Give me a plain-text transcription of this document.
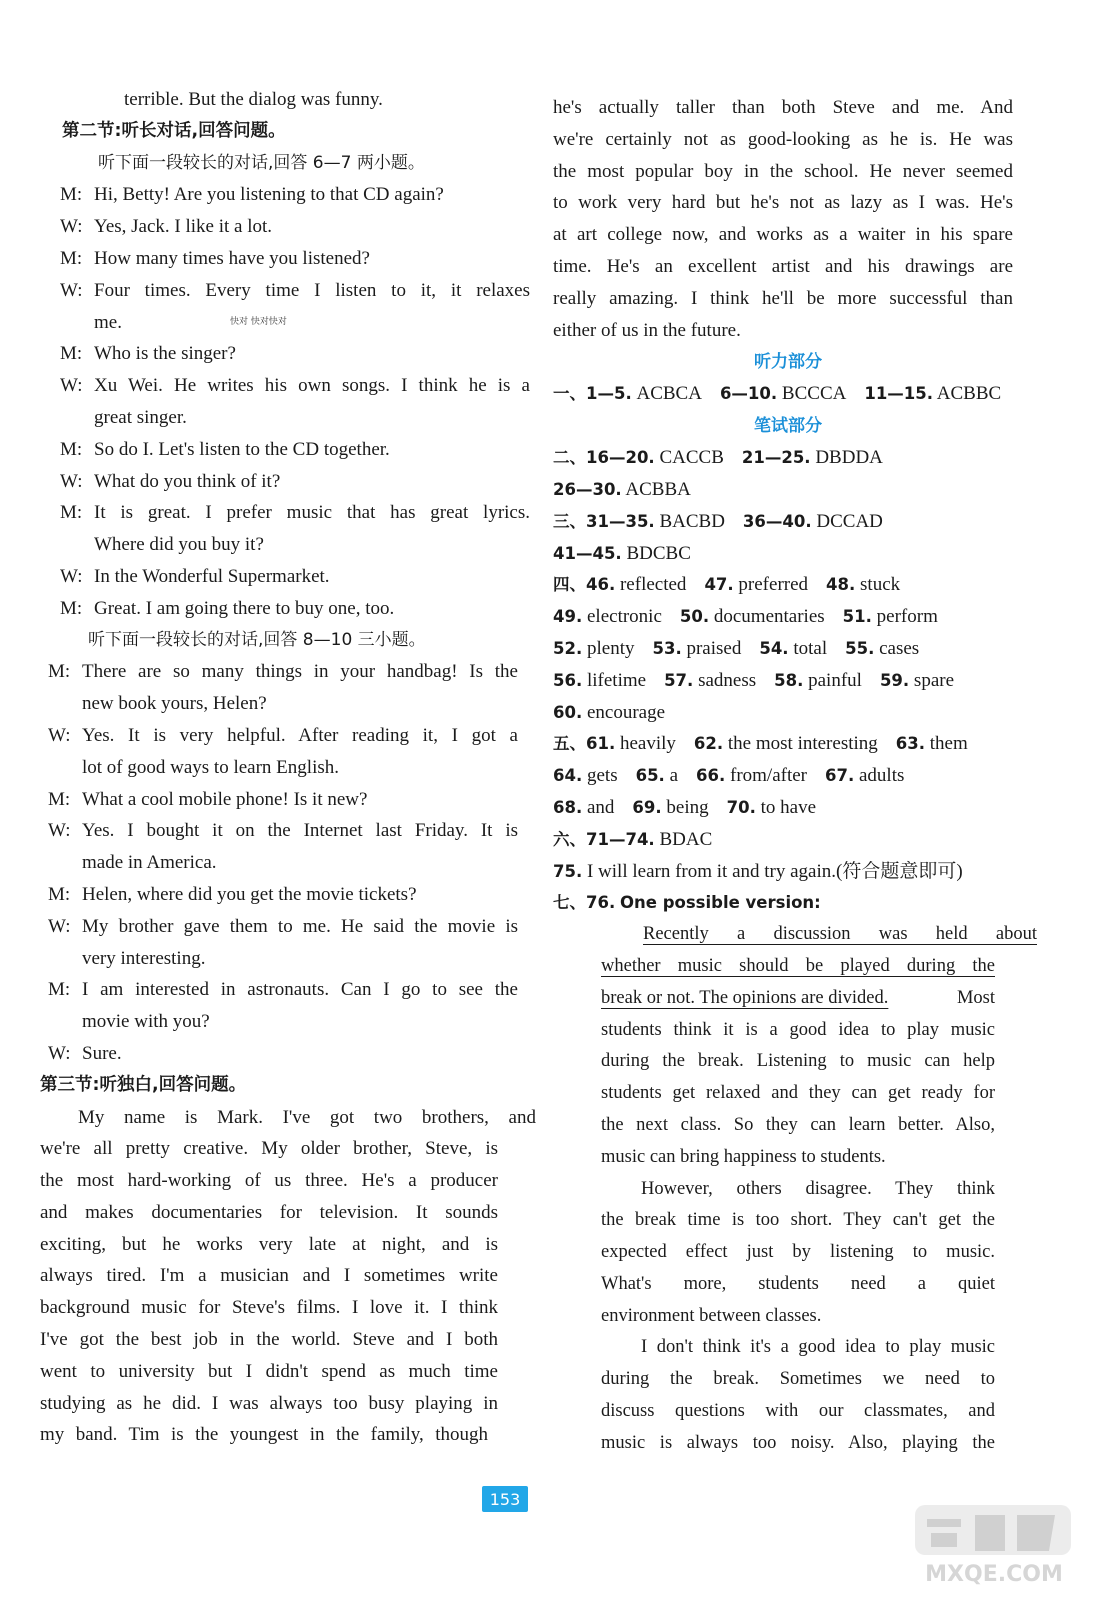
terrible. But the dialog was funny.
第二节:听长对话,回答问题。
听下面一段较长的对话,回答 6—7 两小题。
M: Hi, Betty! Are you listening to that CD again?
W: Yes, Jack. I like it a lot.
M: How many times have you listened?
W: Four times. Every time I listen to it, it relaxes
me.
M: Who is the singer?
W: Xu Wei. He writes his own songs. I think he is a
great singer.
M: So do I. Let's listen to the CD together.
W: What do you think of it?
M: It is great. I prefer music that has great lyrics.
Where did you buy it?
W: In the Wonderful Supermarket.
M: Great. I am going there to buy one, too.
听下面一段较长的对话,回答 8—10 三小题。
M: There are so many things in your handbag! Is the
new book yours, Helen?
W: Yes. It is very helpful. After reading it, I got a
lot of good ways to learn English.
M: What a cool mobile phone! Is it new?
W: Yes. I bought it on the Internet last Friday. It is
made in America.
M: Helen, where did you get the movie tickets?
W: My brother gave them to me. He said the movie is
very interesting.
M: I am interested in astronauts. Can I go to see the
movie with you?
W: Sure.
第三节:听独白,回答问题。
My name is Mark. I've got two brothers, and
we're all pretty creative. My older brother, Steve, is
the most hard-working of us three. He's a producer
and makes documentaries for television. It sounds
exciting, but he works very late at night, and is
always tired. I'm a musician and I sometimes write
background music for Steve's films. I love it. I think
I've got the best job in the world. Steve and I both
went to university but I didn't spend as much time
studying as he did. I was always too busy playing in
my band. Tim is the youngest in the family, though
快对 快对快对
he's actually taller than both Steve and me. And
we're certainly not as good-looking as he is. He was
the most popular boy in the school. He never seemed
to work very hard but he's not as lazy as I was. He's
at art college now, and works as a waiter in his spare
time. He's an excellent artist and his drawings are
really amazing. I think he'll be more successful than
either of us in the future.
听力部分
一、1—5. ACBCA 6—10. BCCCA 11—15. ACBBC
笔试部分
二、16—20. CACCB 21—25. DBDDA
26—30. ACBBA
三、31—35. BACBD 36—40. DCCAD
41—45. BDCBC
四、46. reflected 47. preferred 48. stuck
49. electronic 50. documentaries 51. perform
52. plenty 53. praised 54. total 55. cases
56. lifetime 57. sadness 58. painful 59. spare
60. encourage
五、61. heavily 62. the most interesting 63. them
64. gets 65. a 66. from/after 67. adults
68. and 69. being 70. to have
六、71—74. BDAC
75. I will learn from it and try again.(符合题意即可)
七、76. One possible version:
Recently a discussion was held about
whether music should be played during the
break or not. The opinions are divided.	Most
students think it is a good idea to play music
during the break. Listening to music can help
students get relaxed and they can get ready for
the next class. So they can learn better. Also,
music can bring happiness to students.
However, others disagree. They think
the break time is too short. They can't get the
expected effect just by listening to music.
What's more, students need a quiet
environment between classes.
I don't think it's a good idea to play music
during the break. Sometimes we need to
discuss questions with our classmates, and
music is always too noisy. Also, playing the
153
MXQE.COM
